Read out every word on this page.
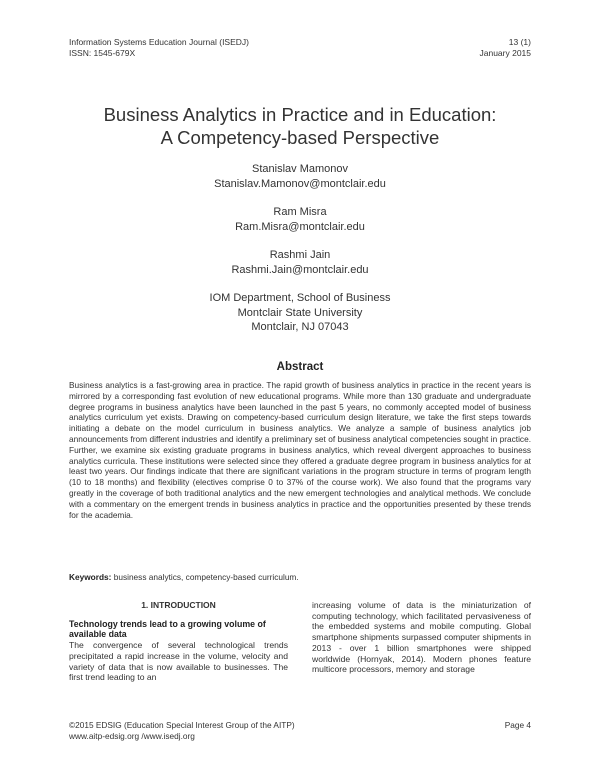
Information Systems Education Journal (ISEDJ)	13 (1)
ISSN: 1545-679X	January 2015
Business Analytics in Practice and in Education:
A Competency-based Perspective
Stanislav Mamonov
Stanislav.Mamonov@montclair.edu
Ram Misra
Ram.Misra@montclair.edu
Rashmi Jain
Rashmi.Jain@montclair.edu
IOM Department, School of Business
Montclair State University
Montclair, NJ 07043
Abstract
Business analytics is a fast-growing area in practice. The rapid growth of business analytics in practice in the recent years is mirrored by a corresponding fast evolution of new educational programs. While more than 130 graduate and undergraduate degree programs in business analytics have been launched in the past 5 years, no commonly accepted model of business analytics curriculum yet exists. Drawing on competency-based curriculum design literature, we take the first steps towards initiating a debate on the model curriculum in business analytics. We analyze a sample of business analytics job announcements from different industries and identify a preliminary set of business analytical competencies sought in practice. Further, we examine six existing graduate programs in business analytics, which reveal divergent approaches to business analytics curricula. These institutions were selected since they offered a graduate degree program in business analytics for at least two years. Our findings indicate that there are significant variations in the program structure in terms of program length (10 to 18 months) and flexibility (electives comprise 0 to 37% of the course work). We also found that the programs vary greatly in the coverage of both traditional analytics and the new emergent technologies and analytical methods. We conclude with a commentary on the emergent trends in business analytics in practice and the opportunities presented by these trends for the academia.
Keywords: business analytics, competency-based curriculum.
1. INTRODUCTION
Technology trends lead to a growing volume of available data
The convergence of several technological trends precipitated a rapid increase in the volume, velocity and variety of data that is now available to businesses. The first trend leading to an
increasing volume of data is the miniaturization of computing technology, which facilitated pervasiveness of the embedded systems and mobile computing. Global smartphone shipments surpassed computer shipments in 2013 - over 1 billion smartphones were shipped worldwide (Hornyak, 2014). Modern phones feature multicore processors, memory and storage
©2015 EDSIG (Education Special Interest Group of the AITP)	Page 4
www.aitp-edsig.org /www.isedj.org
